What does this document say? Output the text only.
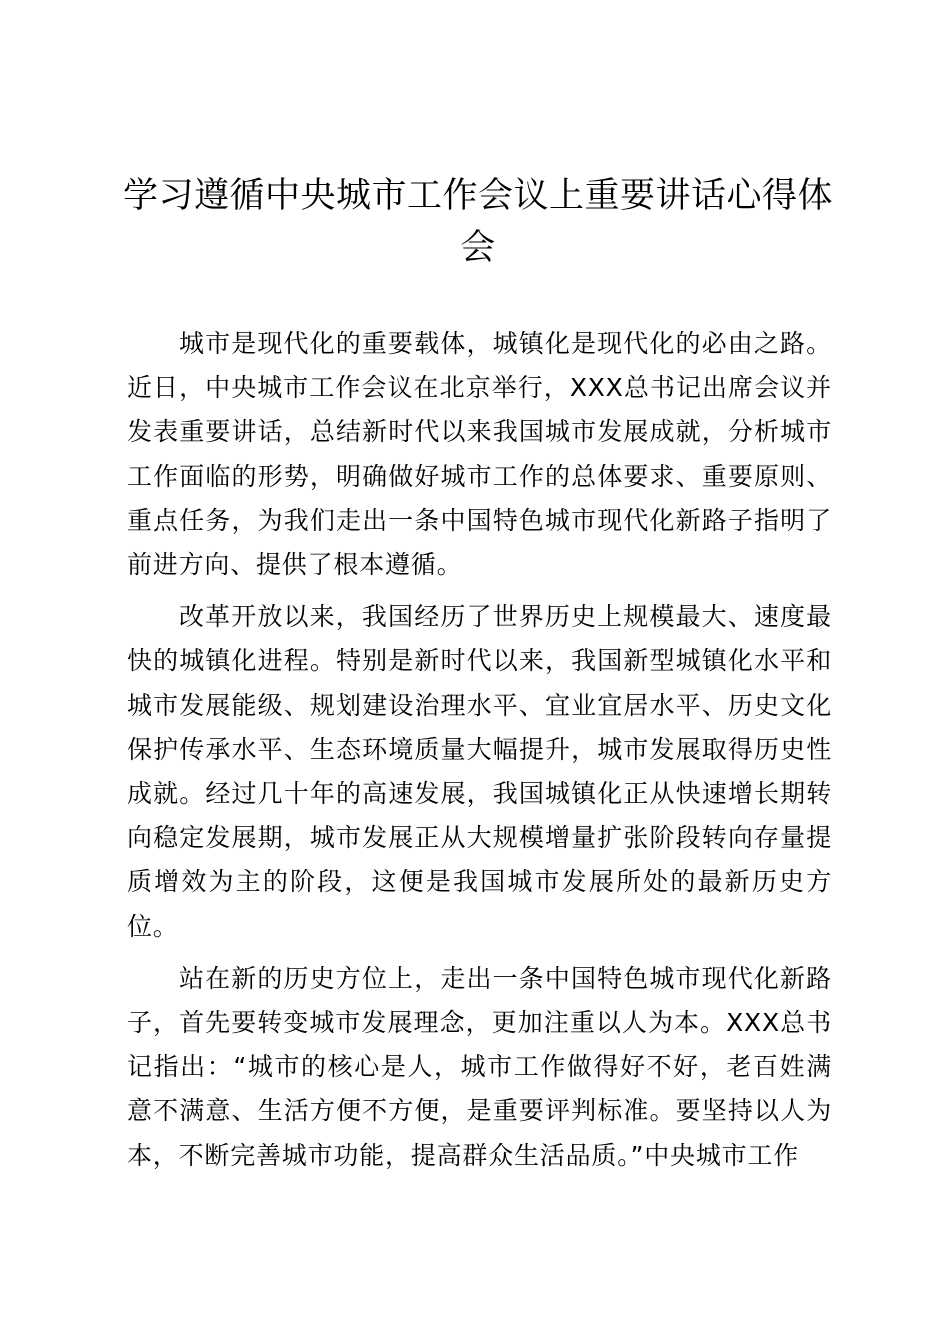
学习遵循中央城市工作会议上重要讲话心得体会

城市是现代化的重要载体，城镇化是现代化的必由之路。近日，中央城市工作会议在北京举行，XXX总书记出席会议并发表重要讲话，总结新时代以来我国城市发展成就，分析城市工作面临的形势，明确做好城市工作的总体要求、重要原则、重点任务，为我们走出一条中国特色城市现代化新路子指明了前进方向、提供了根本遵循。

改革开放以来，我国经历了世界历史上规模最大、速度最快的城镇化进程。特别是新时代以来，我国新型城镇化水平和城市发展能级、规划建设治理水平、宜业宜居水平、历史文化保护传承水平、生态环境质量大幅提升，城市发展取得历史性成就。经过几十年的高速发展，我国城镇化正从快速增长期转向稳定发展期，城市发展正从大规模增量扩张阶段转向存量提质增效为主的阶段，这便是我国城市发展所处的最新历史方位。

站在新的历史方位上，走出一条中国特色城市现代化新路子，首先要转变城市发展理念，更加注重以人为本。XXX总书记指出：“城市的核心是人，城市工作做得好不好，老百姓满意不满意、生活方便不方便，是重要评判标准。要坚持以人为本，不断完善城市功能，提高群众生活品质。”中央城市工作
